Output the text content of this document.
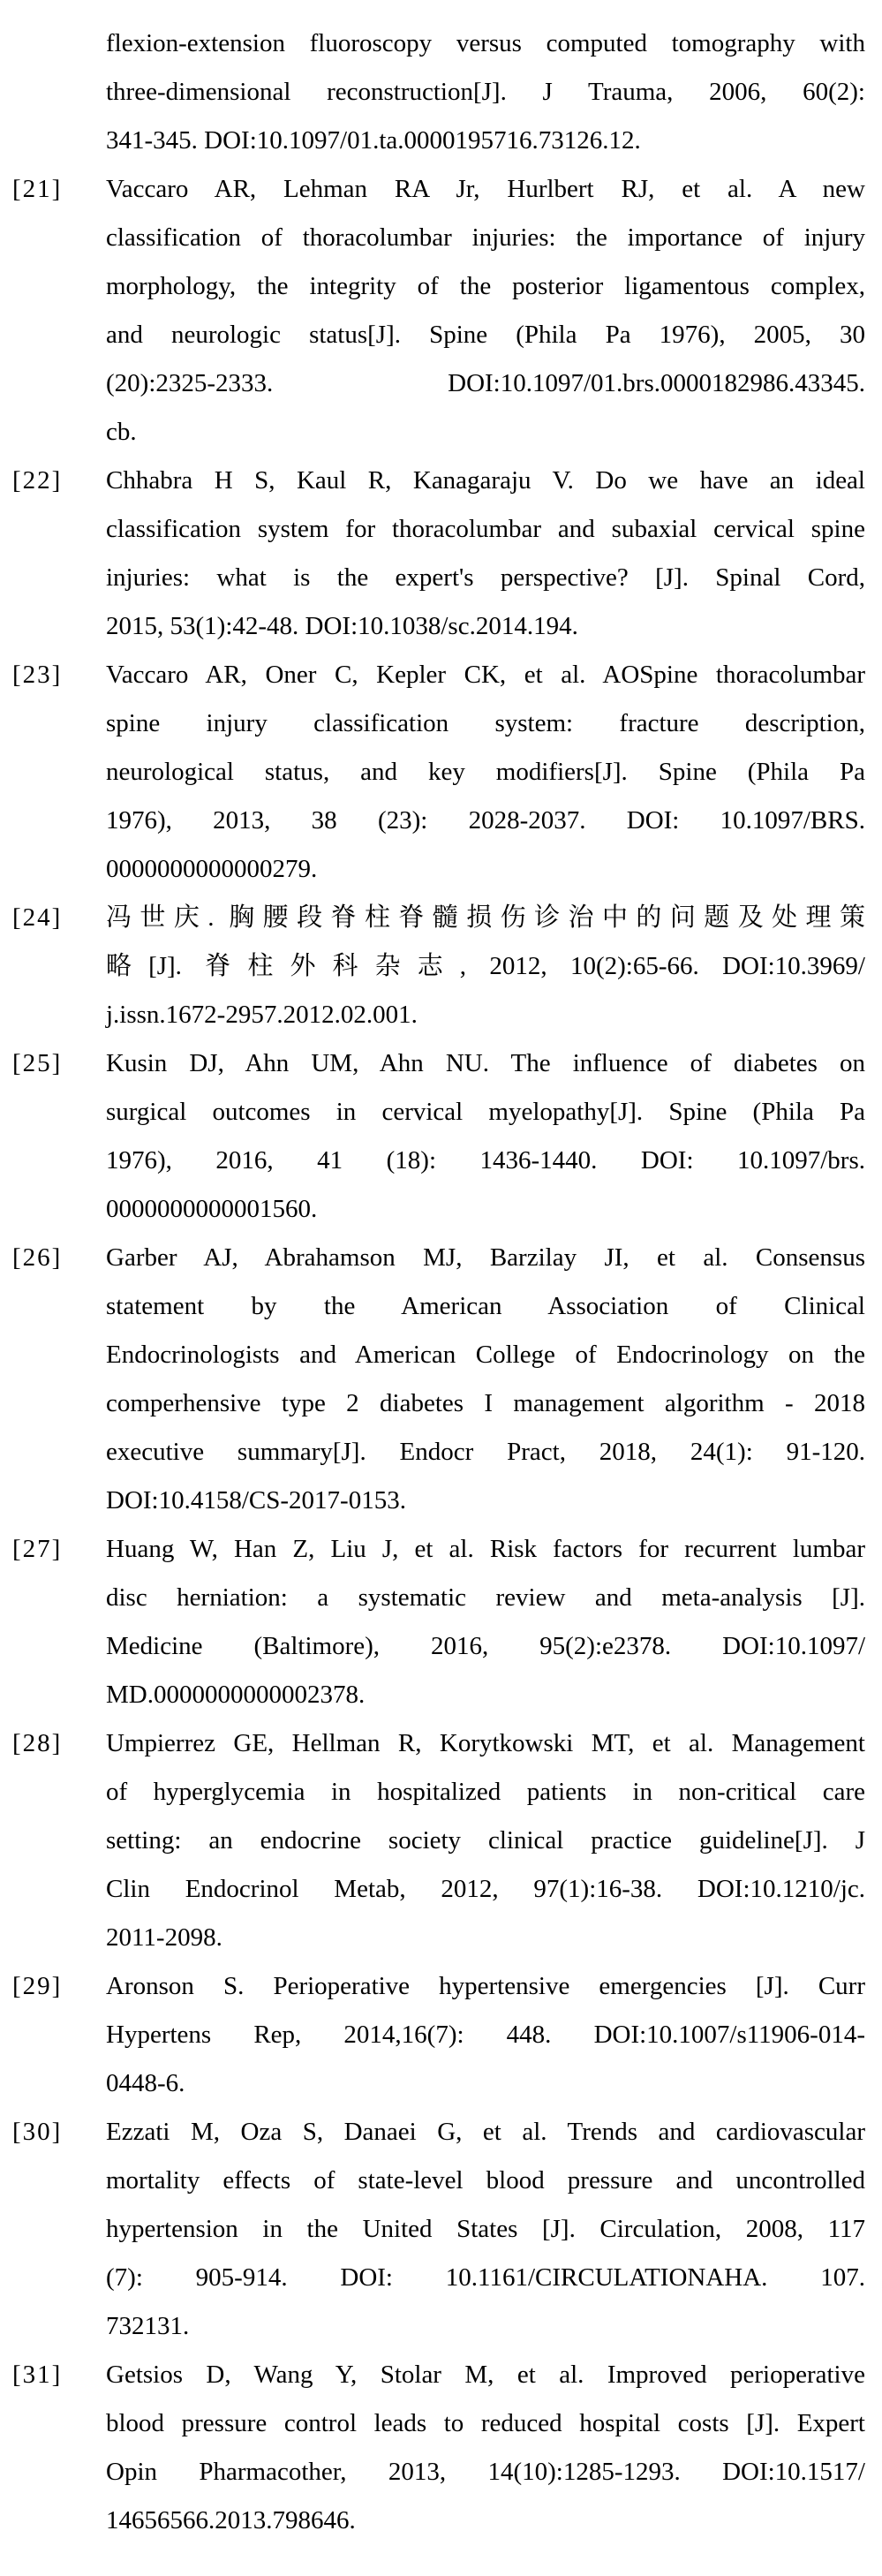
flexion-extension fluoroscopy versus computed tomography with
three-dimensional reconstruction[J]. J Trauma, 2006, 60(2):
341-345. DOI:10.1097/01.ta.0000195716.73126.12.
[21]	Vaccaro AR, Lehman RA Jr, Hurlbert RJ, et al. A new
classification of thoracolumbar injuries: the importance of injury
morphology, the integrity of the posterior ligamentous complex,
and neurologic status[J]. Spine (Phila Pa 1976), 2005, 30
(20):2325-2333. DOI:10.1097/01.brs.0000182986.43345.
cb.
[22]	Chhabra H S, Kaul R, Kanagaraju V. Do we have an ideal
classification system for thoracolumbar and subaxial cervical spine
injuries: what is the expert's perspective? [J]. Spinal Cord,
2015, 53(1):42-48. DOI:10.1038/sc.2014.194.
[23]	Vaccaro AR, Oner C, Kepler CK, et al. AOSpine thoracolumbar
spine injury classification system: fracture description,
neurological status, and key modifiers[J]. Spine (Phila Pa
1976), 2013, 38 (23): 2028-2037. DOI: 10.1097/BRS.
0000000000000279.
[24]	冯世庆. 胸腰段脊柱脊髓损伤诊治中的问题及处理策
略[J]. 脊柱外科杂志, 2012, 10(2):65-66. DOI:10.3969/
j.issn.1672-2957.2012.02.001.
[25]	Kusin DJ, Ahn UM, Ahn NU. The influence of diabetes on
surgical outcomes in cervical myelopathy[J]. Spine (Phila Pa
1976), 2016, 41 (18): 1436-1440. DOI: 10.1097/brs.
0000000000001560.
[26]	Garber AJ, Abrahamson MJ, Barzilay JI, et al. Consensus
statement by the American Association of Clinical
Endocrinologists and American College of Endocrinology on the
comperhensive type 2 diabetes I management algorithm - 2018
executive summary[J]. Endocr Pract, 2018, 24(1): 91-120.
DOI:10.4158/CS-2017-0153.
[27]	Huang W, Han Z, Liu J, et al. Risk factors for recurrent lumbar
disc herniation: a systematic review and meta-analysis [J].
Medicine (Baltimore), 2016, 95(2):e2378. DOI:10.1097/
MD.0000000000002378.
[28]	Umpierrez GE, Hellman R, Korytkowski MT, et al. Management
of hyperglycemia in hospitalized patients in non-critical care
setting: an endocrine society clinical practice guideline[J]. J
Clin Endocrinol Metab, 2012, 97(1):16-38. DOI:10.1210/jc.
2011-2098.
[29]	Aronson S. Perioperative hypertensive emergencies [J]. Curr
Hypertens Rep, 2014,16(7): 448. DOI:10.1007/s11906-014-
0448-6.
[30]	Ezzati M, Oza S, Danaei G, et al. Trends and cardiovascular
mortality effects of state-level blood pressure and uncontrolled
hypertension in the United States [J]. Circulation, 2008, 117
(7): 905-914. DOI: 10.1161/CIRCULATIONAHA. 107.
732131.
[31]	Getsios D, Wang Y, Stolar M, et al. Improved perioperative
blood pressure control leads to reduced hospital costs [J]. Expert
Opin Pharmacother, 2013, 14(10):1285-1293. DOI:10.1517/
14656566.2013.798646.
